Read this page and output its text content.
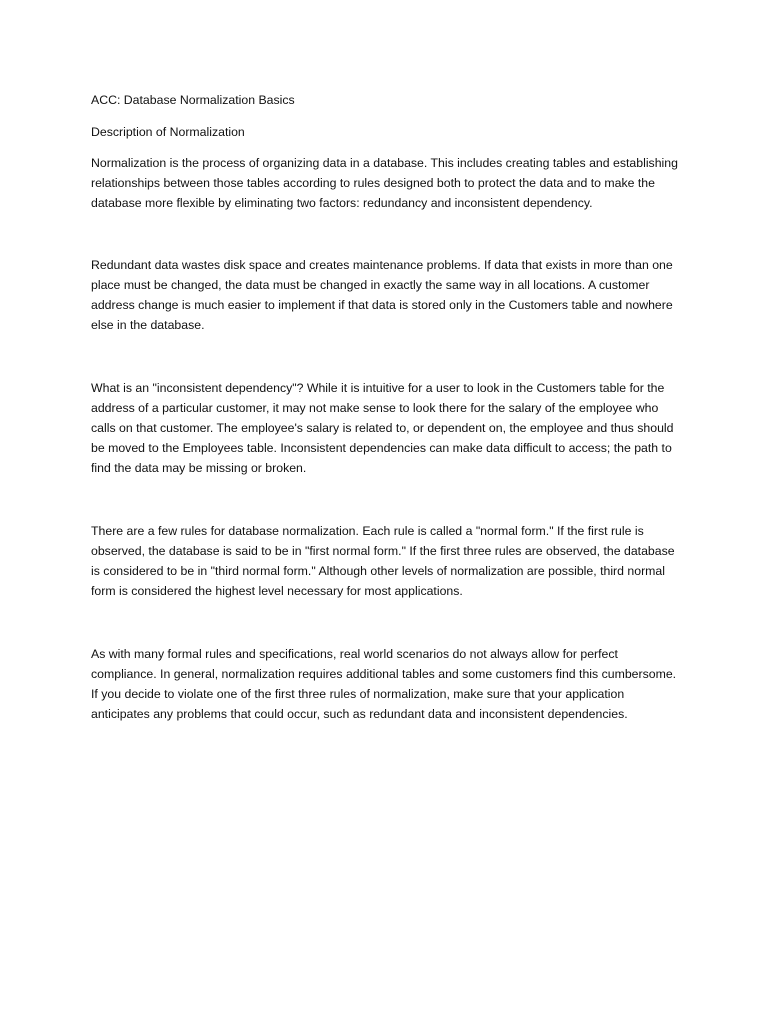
ACC: Database Normalization Basics
Description of Normalization

Normalization is the process of organizing data in a database. This includes creating tables and establishing relationships between those tables according to rules designed both to protect the data and to make the database more flexible by eliminating two factors: redundancy and inconsistent dependency.

Redundant data wastes disk space and creates maintenance problems. If data that exists in more than one place must be changed, the data must be changed in exactly the same way in all locations. A customer address change is much easier to implement if that data is stored only in the Customers table and nowhere else in the database.

What is an "inconsistent dependency"? While it is intuitive for a user to look in the Customers table for the address of a particular customer, it may not make sense to look there for the salary of the employee who calls on that customer. The employee's salary is related to, or dependent on, the employee and thus should be moved to the Employees table. Inconsistent dependencies can make data difficult to access; the path to find the data may be missing or broken.

There are a few rules for database normalization. Each rule is called a "normal form." If the first rule is observed, the database is said to be in "first normal form." If the first three rules are observed, the database is considered to be in "third normal form." Although other levels of normalization are possible, third normal form is considered the highest level necessary for most applications.

As with many formal rules and specifications, real world scenarios do not always allow for perfect compliance. In general, normalization requires additional tables and some customers find this cumbersome. If you decide to violate one of the first three rules of normalization, make sure that your application anticipates any problems that could occur, such as redundant data and inconsistent dependencies.
